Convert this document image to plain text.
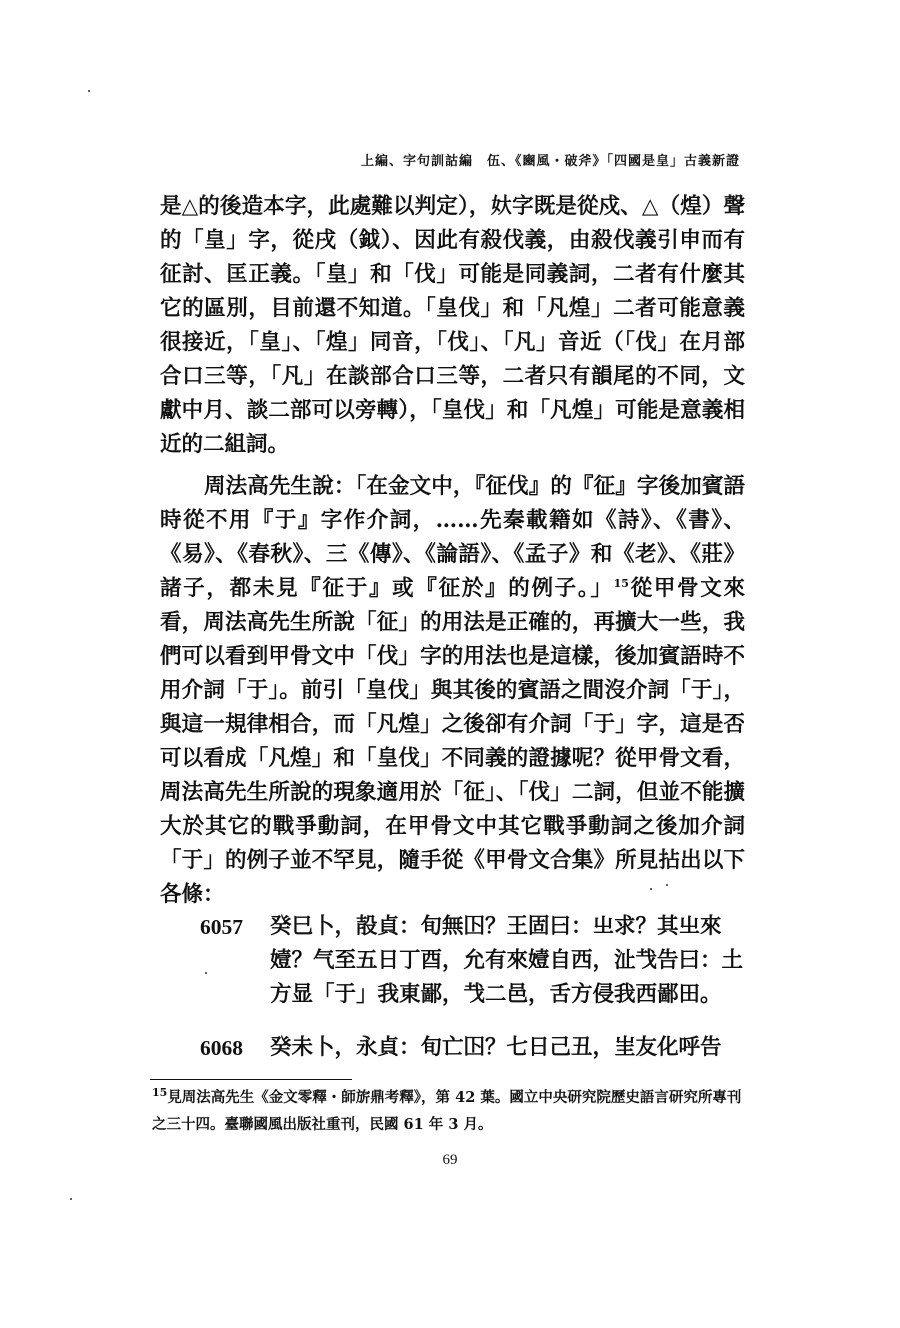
上編、字句訓詁編　伍、《豳風・破斧》「四國是皇」古義新證
是△的後造本字，此處難以判定），𡚻字既是從戍、△（煌）聲的「皇」字，從戌（鉞）、因此有殺伐義，由殺伐義引申而有征討、匡正義。「皇」和「伐」可能是同義詞，二者有什麼其它的區別，目前還不知道。「皇伐」和「凡煌」二者可能意義很接近，「皇」、「煌」同音，「伐」、「凡」音近（「伐」在月部合口三等，「凡」在談部合口三等，二者只有韻尾的不同，文獻中月、談二部可以旁轉），「皇伐」和「凡煌」可能是意義相近的二組詞。
周法高先生說：「在金文中，『征伐』的『征』字後加賓語時從不用『于』字作介詞，……先秦載籍如《詩》、《書》、《易》、《春秋》、三《傳》、《論語》、《孟子》和《老》、《莊》諸子，都未見『征于』或『征於』的例子。」$^{15}$從甲骨文來看，周法高先生所說「征」的用法是正確的，再擴大一些，我們可以看到甲骨文中「伐」字的用法也是這樣，後加賓語時不用介詞「于」。前引「皇伐」與其後的賓語之間沒介詞「于」，與這一規律相合，而「凡煌」之後卻有介詞「于」字，這是否可以看成「凡煌」和「皇伐」不同義的證據呢？從甲骨文看，周法高先生所說的現象適用於「征」、「伐」二詞，但並不能擴大於其它的戰爭動詞，在甲骨文中其它戰爭動詞之後加介詞「于」的例子並不罕見，隨手從《甲骨文合集》所見拈出以下各條：
6057	癸巳卜，㱿貞：旬無𡆥？王固曰：㞢求？其㞢來嬄？气至五日丁酉，允有來嬄自西，沚𢦏告曰：土方显「于」我東鄙，𢦏二邑，舌方侵我西鄙田。
6068	癸未卜，永貞：旬亡𡆥？七日己丑，㞷友化呼告
$^{15}$見周法高先生《金文零釋・師旂鼎考釋》，第 42 葉。國立中央研究院歷史語言研究所專刊之三十四。臺聯國風出版社重刊，民國 61 年 3 月。
69
